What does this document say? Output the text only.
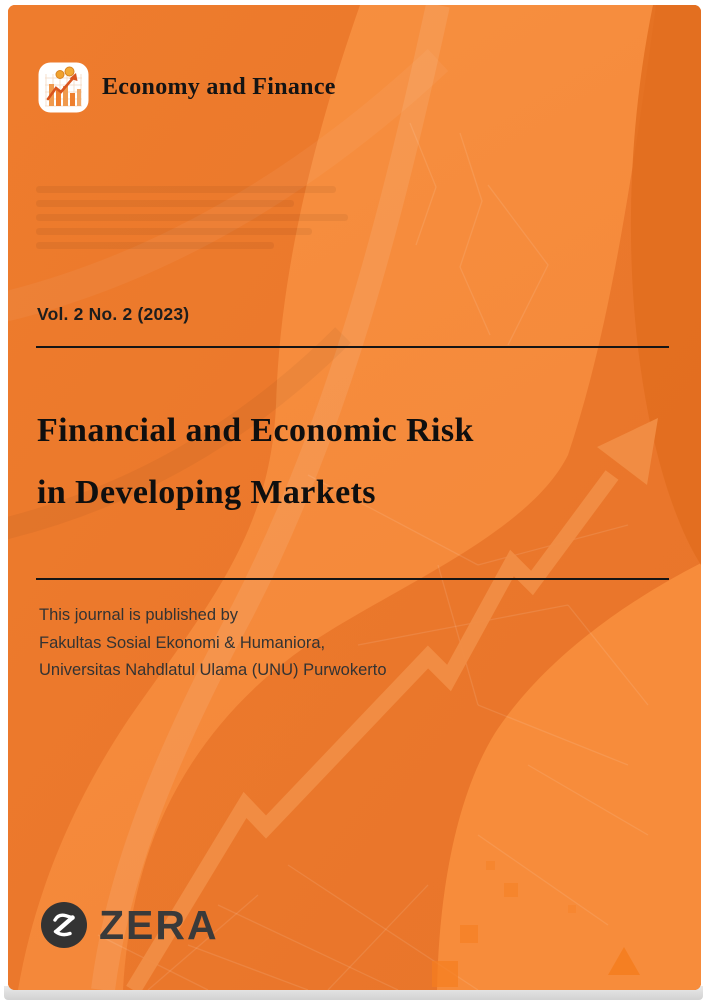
Economy and Finance
Vol. 2 No. 2 (2023)
Financial and Economic Risk
in Developing Markets
This journal is published by
Fakultas Sosial Ekonomi & Humaniora,
Universitas Nahdlatul Ulama (UNU) Purwokerto
ZERA
